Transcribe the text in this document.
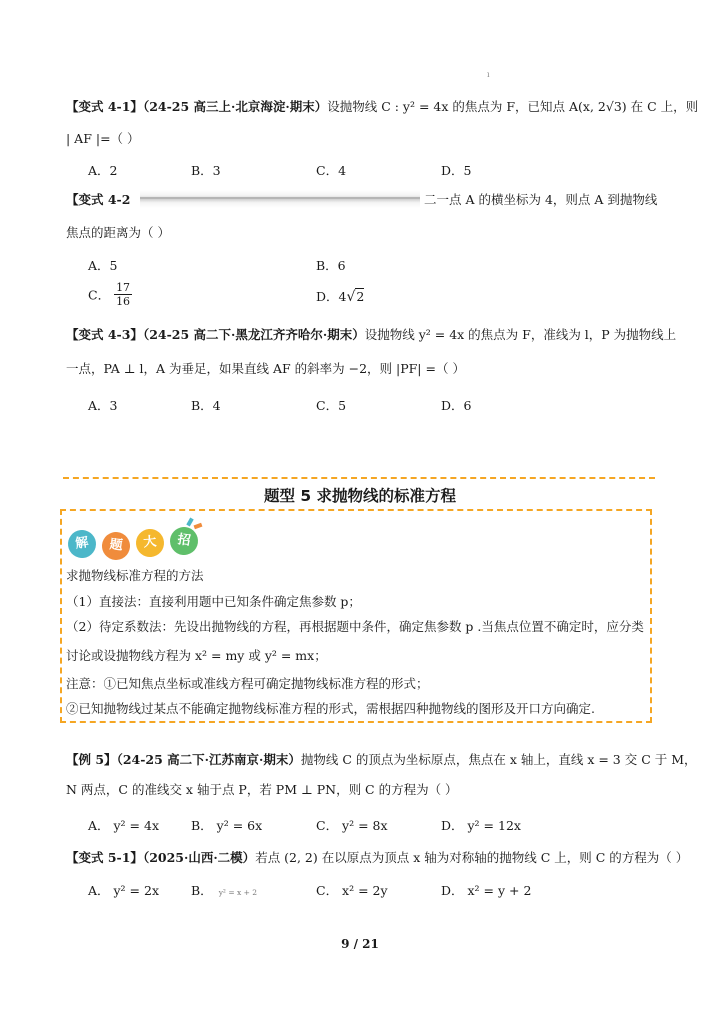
ı
【变式 4-1】（24-25 高三上·北京海淀·期末）设抛物线 C : y² = 4x 的焦点为 F，已知点 A(x, 2√3) 在 C 上，则
| AF |=（ ）
A．2	B．3	C．4	D．5
【变式 4-2	二一点 A 的横坐标为 4，则点 A 到抛物线
焦点的距离为（ ）
A．5	B．6
C． $\frac{17}{16}$	D．4√2
【变式 4-3】（24-25 高二下·黑龙江齐齐哈尔·期末）设抛物线 y² = 4x 的焦点为 F，准线为 l，P 为抛物线上
一点，PA ⊥ l，A 为垂足，如果直线 AF 的斜率为 −2，则 |PF| =（ ）
A．3	B．4	C．5	D．6
题型 5 求抛物线的标准方程
解	题	大	招
求抛物线标准方程的方法
（1）直接法：直接利用题中已知条件确定焦参数 p；
（2）待定系数法：先设出抛物线的方程，再根据题中条件，确定焦参数 p .当焦点位置不确定时，应分类
讨论或设抛物线方程为 x² = my 或 y² = mx；
注意：①已知焦点坐标或准线方程可确定抛物线标准方程的形式；
②已知抛物线过某点不能确定抛物线标准方程的形式，需根据四种抛物线的图形及开口方向确定.
【例 5】（24-25 高二下·江苏南京·期末）抛物线 C 的顶点为坐标原点，焦点在 x 轴上，直线 x = 3 交 C 于 M，
N 两点，C 的准线交 x 轴于点 P，若 PM ⊥ PN，则 C 的方程为（ ）
A． y² = 4x	B． y² = 6x	C． y² = 8x	D． y² = 12x
【变式 5-1】（2025·山西·二模）若点 (2, 2) 在以原点为顶点 x 轴为对称轴的抛物线 C 上，则 C 的方程为（ ）
A． y² = 2x	B． y² = x + 2	C． x² = 2y	D． x² = y + 2
9 / 21
